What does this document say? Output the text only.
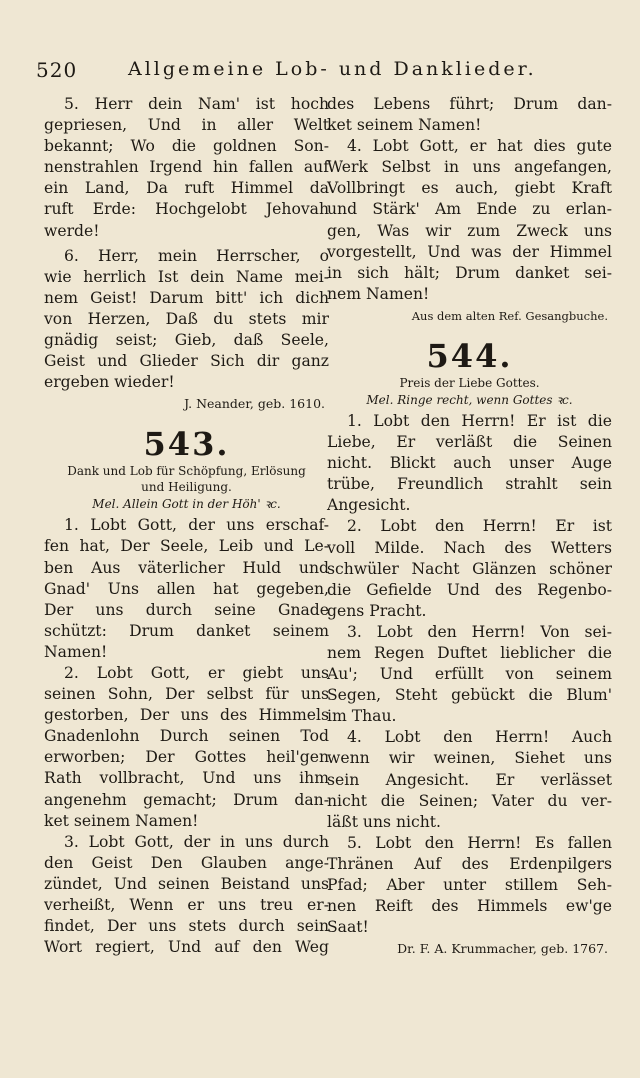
520	Allgemeine Lob- und Danklieder.
5. Herr dein Nam' ist hoch
gepriesen, Und in aller Welt
bekannt; Wo die goldnen Son-
nenstrahlen Irgend hin fallen auf
ein Land, Da ruft Himmel da
ruft Erde: Hochgelobt Jehovah
werde!
6. Herr, mein Herrscher, o
wie herrlich Ist dein Name mei-
nem Geist! Darum bitt' ich dich
von Herzen, Daß du stets mir
gnädig seist; Gieb, daß Seele,
Geist und Glieder Sich dir ganz
ergeben wieder!
J. Neander, geb. 1610.
543.
Dank und Lob für Schöpfung, Erlösung
und Heiligung.
Mel. Allein Gott in der Höh' ꝛc.
1. Lobt Gott, der uns erschaf-
fen hat, Der Seele, Leib und Le-
ben Aus väterlicher Huld und
Gnad' Uns allen hat gegeben,
Der uns durch seine Gnade
schützt: Drum danket seinem
Namen!
2. Lobt Gott, er giebt uns
seinen Sohn, Der selbst für uns
gestorben, Der uns des Himmels
Gnadenlohn Durch seinen Tod
erworben; Der Gottes heil'gen
Rath vollbracht, Und uns ihm
angenehm gemacht; Drum dan-
ket seinem Namen!
3. Lobt Gott, der in uns durch
den Geist Den Glauben ange-
zündet, Und seinen Beistand uns
verheißt, Wenn er uns treu er-
findet, Der uns stets durch sein
Wort regiert, Und auf den Weg
des Lebens führt; Drum dan-
ket seinem Namen!
4. Lobt Gott, er hat dies gute
Werk Selbst in uns angefangen,
Vollbringt es auch, giebt Kraft
und Stärk' Am Ende zu erlan-
gen, Was wir zum Zweck uns
vorgestellt, Und was der Himmel
in sich hält; Drum danket sei-
nem Namen!
Aus dem alten Ref. Gesangbuche.
544.
Preis der Liebe Gottes.
Mel. Ringe recht, wenn Gottes ꝛc.
1. Lobt den Herrn! Er ist die
Liebe, Er verläßt die Seinen
nicht. Blickt auch unser Auge
trübe, Freundlich strahlt sein
Angesicht.
2. Lobt den Herrn! Er ist
voll Milde. Nach des Wetters
schwüler Nacht Glänzen schöner
die Gefielde Und des Regenbo-
gens Pracht.
3. Lobt den Herrn! Von sei-
nem Regen Duftet lieblicher die
Au'; Und erfüllt von seinem
Segen, Steht gebückt die Blum'
im Thau.
4. Lobt den Herrn! Auch
wenn wir weinen, Siehet uns
sein Angesicht. Er verlässet
nicht die Seinen; Vater du ver-
läßt uns nicht.
5. Lobt den Herrn! Es fallen
Thränen Auf des Erdenpilgers
Pfad; Aber unter stillem Seh-
nen Reift des Himmels ew'ge
Saat!
Dr. F. A. Krummacher, geb. 1767.
